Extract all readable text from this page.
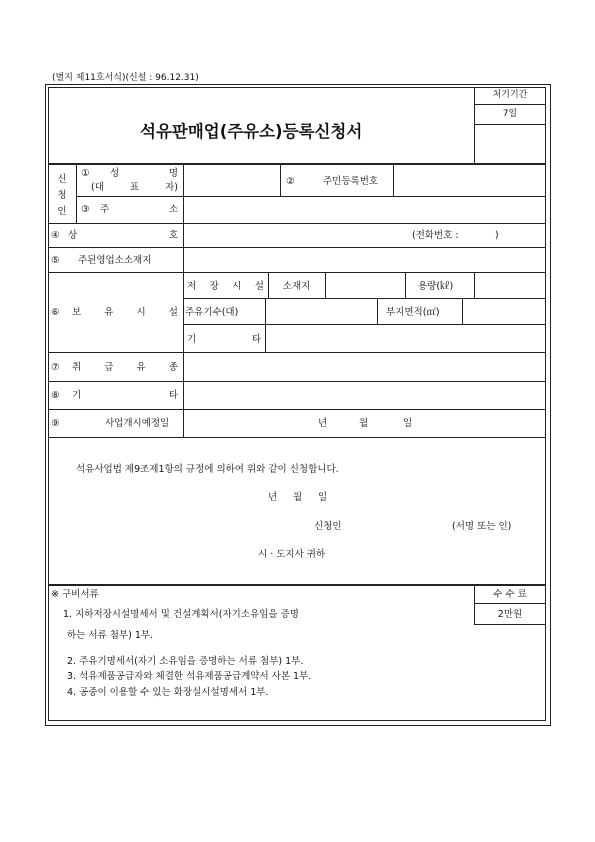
(별지 제11호서식)(신설 : 96.12.31)
석유판매업(주유소)등록신청서
처기기간
7일
신
청
인
① 성	명
(대	표	자)
②	주민등록번호
③ 주	소
④ 상	호	(전화번호 :            )
⑤ 주된영업소소재지
⑥ 보 유 시 설
저 장 시 설	소재지	용량(㎘)
주유기수(대)	부지면적(㎡)
기	타
⑦ 취 급 유 종
⑧ 기	타
⑨	사업개시예정일	년	월	일
석유사업법 제9조제1항의 규정에 의하여 위와 같이 신청합니다.
년 월 일
신청인	(서명 또는 인)
시 · 도지사 귀하
※ 구비서류
1. 지하저장시설명세서 및 건설계획서(자기소유임을 증명
하는 서류 첨부) 1부.
2. 주유기명세서(자기 소유임을 증명하는 서류 첨부) 1부.
3. 석유제품공급자와 체결한 석유제품공급계약서 사본 1부.
4. 공중이 이용할 수 있는 화장실시설명세서 1부.
수 수 료
2만원
